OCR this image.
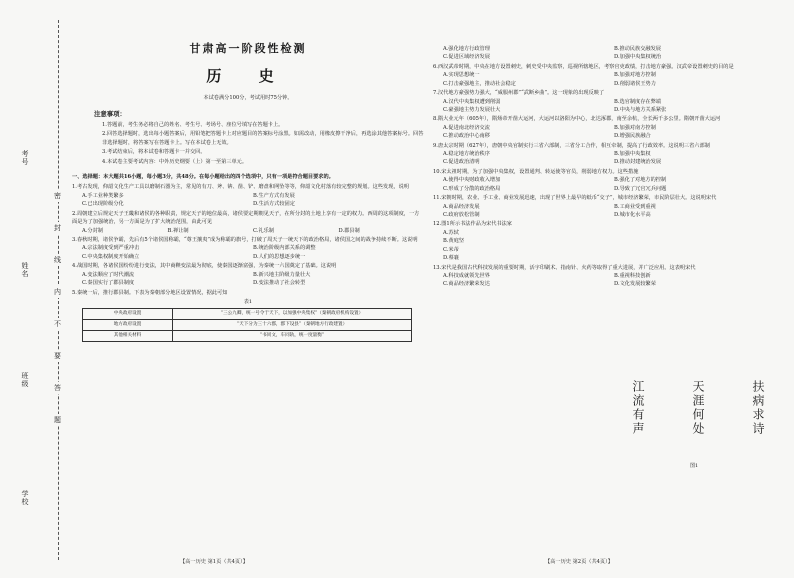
考号
姓名
班级
学校
密
封
线
内
不
要
答
题
甘肃高一阶段性检测
历 史
本试卷满分100分，考试用时75分钟。
注意事项：
1.答题前，考生务必将自己的姓名、考生号、考场号、座位号填写在答题卡上。
2.回答选择题时，选出每小题答案后，用铅笔把答题卡上对应题目的答案标号涂黑。如需改动，用橡皮擦干净后，再选涂其他答案标号。回答非选择题时，将答案写在答题卡上。写在本试卷上无效。
3.考试结束后，将本试卷和答题卡一并交回。
4.本试卷主要考试内容：中外历史纲要（上）第一至第三单元。
一、选择题：本大题共16小题，每小题3分，共48分。在每小题给出的四个选项中，只有一项是符合题目要求的。
1.考古发现，仰韶文化生产工具以磨制石器为主，常见的有刀、斧、锛、凿、铲、磨盘和网坠等等，仰韶文化村落有较完整的规划。这些发现，说明
A.手工业种类繁多	B.生产方式有发展
C.已出现阶级分化	D.生活方式较固定
2.周朝建立后规定天子王畿和诸侯的各种职责，规定天子的地位最高，诸侯要定期朝见天子，在所分封的土地上享有一定的权力。西周的这项制度，一方面是为了加强统治，另一方面是为了扩大统治范围，由此可见
A.分封制	B.禅让制	C.礼乐制	D.郡县制
3.春秋时期，诸侯争霸，先后有5个诸侯国称霸，“尊王攘夷”成为称霸的旗号，打破了周天子一统天下的政治格局，诸侯国之间的战争持续不断。这说明
A.宗法制度受到严重冲击	B.统治阶级内部关系的调整
C.中央集权制度开始确立	D.人们的思想逐步统一
4.战国时期，各诸侯国纷纷进行变法，其中商鞅变法最为彻底，使秦国逐渐富强，为秦统一六国奠定了基础。这说明
A.变法顺应了时代潮流	B.新兴地主阶级力量壮大
C.秦国实行了郡县制度	D.变法推动了社会转型
5.秦统一后，推行郡县制。下表为秦朝部分地区设置情况，据此可知
表1
中央政府设置	“三公九卿，统一号令于天下，以加强中央集权”（秦朝政府机构设置）
地方政府设置	“天下分为三十六郡，郡下设县”（秦朝地方行政建置）
其他相关材料	“书同文，车同轨，统一度量衡”
A.强化地方行政管理	B.推动民族交融发展
C.促进区域经济发展	D.加强中央集权统治
6.西汉武帝时期，中央在地方设置刺史，刺史受中央监察，巡视所辖地区，考察官吏政绩，打击地方豪强。汉武帝设置刺史的目的是
A.实现思想统一	B.加强对地方控制
C.打击豪强地主，推动社会稳定	D.削弱诸侯王势力
7.汉代地方豪强势力强大，“威服州郡”“武断乡曲”。这一现象的出现反映了
A.汉代中央集权遭到削弱	B.选官制度存在弊端
C.豪强地主势力发展壮大	D.中央与地方关系紧张
8.隋大业元年（605年），隋炀帝开凿大运河，大运河以洛阳为中心，北达涿郡，南至余杭，全长两千多公里。隋朝开凿大运河
A.促进南北经济交流	B.加强对南方控制
C.推动政治中心南移	D.增强民族融合
9.唐太宗时期（627年），唐朝中央官制实行三省六部制，三省分工合作，相互牵制，提高了行政效率。这说明三省六部制
A.稳定地方统治秩序	B.加强中央集权
C.促进政治清明	D.推动封建统治发展
10.宋太祖时期，为了加强中央集权，设置通判、转运使等官员，削弱地方权力。这些措施
A.使得中央财政收入增加	B.强化了对地方的控制
C.形成了分散的政治格局	D.导致了冗官冗兵问题
11.宋朝时期，农业、手工业、商业发展迅速，出现了世界上最早的纸币“交子”，城市经济繁荣，市民阶层壮大。这说明宋代
A.商品经济发展	B.工商业受到重视
C.政府放松管制	D.城市化水平高
12.图1所示书法作品为宋代书法家
A.苏轼
B.黄庭坚
C.米芾
D.蔡襄
13.宋代是我国古代科技发展的重要时期，活字印刷术、指南针、火药等取得了重大进展，并广泛应用。这表明宋代
A.科技成就领先世界	B.重视科技创新
C.商品经济繁荣发达	D.文化发展较繁荣
扶病求诗
天涯何处
江流有声
图1
【高一历史 第1页（共4页）】	【高一历史 第2页（共4页）】
